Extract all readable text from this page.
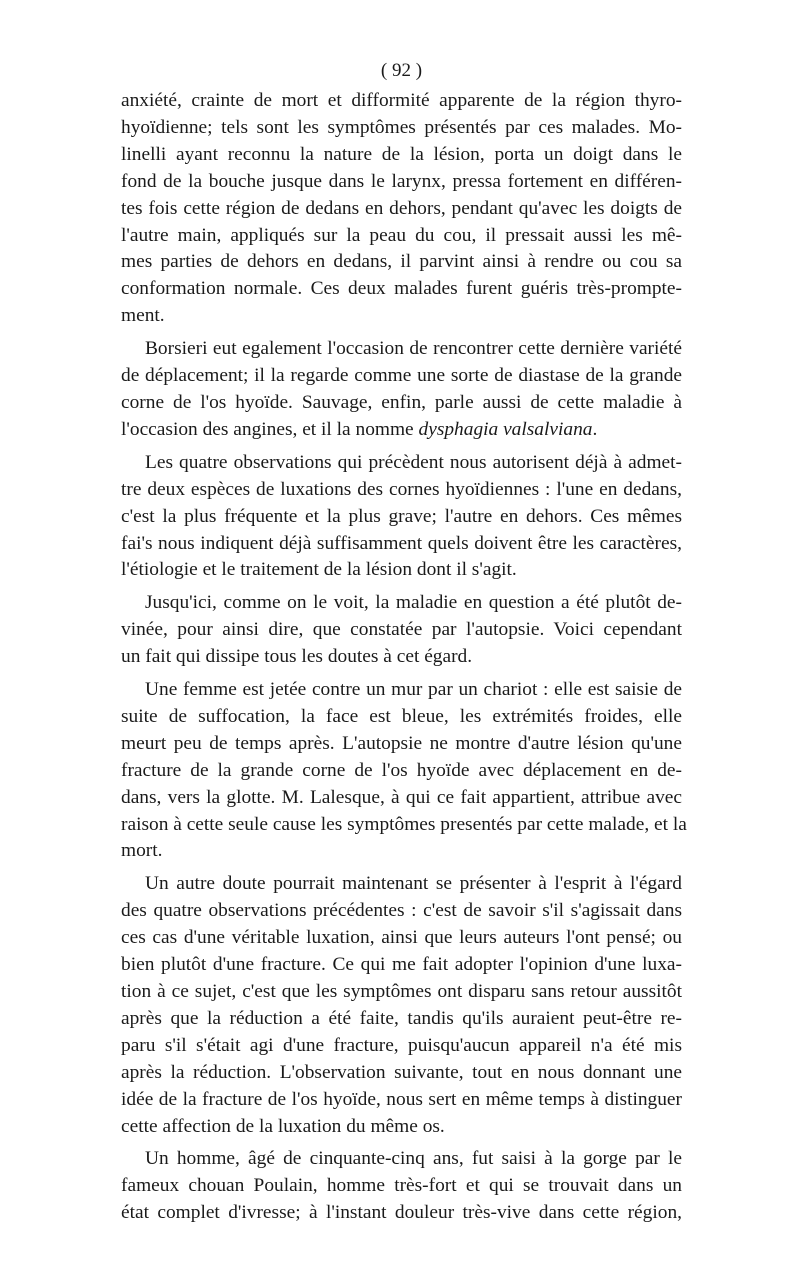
( 92 )
anxiété, crainte de mort et difformité apparente de la région thyro-
hyoïdienne; tels sont les symptômes présentés par ces malades. Mo-
linelli ayant reconnu la nature de la lésion, porta un doigt dans le
fond de la bouche jusque dans le larynx, pressa fortement en différen-
tes fois cette région de dedans en dehors, pendant qu'avec les doigts de
l'autre main, appliqués sur la peau du cou, il pressait aussi les mê-
mes parties de dehors en dedans, il parvint ainsi à rendre ou cou sa
conformation normale. Ces deux malades furent guéris très-prompte-
ment.
Borsieri eut egalement l'occasion de rencontrer cette dernière variété
de déplacement; il la regarde comme une sorte de diastase de la grande
corne de l'os hyoïde. Sauvage, enfin, parle aussi de cette maladie à
l'occasion des angines, et il la nomme dysphagia valsalviana.
Les quatre observations qui précèdent nous autorisent déjà à admet-
tre deux espèces de luxations des cornes hyoïdiennes : l'une en dedans,
c'est la plus fréquente et la plus grave; l'autre en dehors. Ces mêmes
fai's nous indiquent déjà suffisamment quels doivent être les caractères,
l'étiologie et le traitement de la lésion dont il s'agit.
Jusqu'ici, comme on le voit, la maladie en question a été plutôt de-
vinée, pour ainsi dire, que constatée par l'autopsie. Voici cependant
un fait qui dissipe tous les doutes à cet égard.
Une femme est jetée contre un mur par un chariot : elle est saisie de
suite de suffocation, la face est bleue, les extrémités froides, elle
meurt peu de temps après. L'autopsie ne montre d'autre lésion qu'une
fracture de la grande corne de l'os hyoïde avec déplacement en de-
dans, vers la glotte. M. Lalesque, à qui ce fait appartient, attribue avec
raison à cette seule cause les symptômes presentés par cette malade, et la
mort.
Un autre doute pourrait maintenant se présenter à l'esprit à l'égard
des quatre observations précédentes : c'est de savoir s'il s'agissait dans
ces cas d'une véritable luxation, ainsi que leurs auteurs l'ont pensé; ou
bien plutôt d'une fracture. Ce qui me fait adopter l'opinion d'une luxa-
tion à ce sujet, c'est que les symptômes ont disparu sans retour aussitôt
après que la réduction a été faite, tandis qu'ils auraient peut-être re-
paru s'il s'était agi d'une fracture, puisqu'aucun appareil n'a été mis
après la réduction. L'observation suivante, tout en nous donnant une
idée de la fracture de l'os hyoïde, nous sert en même temps à distinguer
cette affection de la luxation du même os.
Un homme, âgé de cinquante-cinq ans, fut saisi à la gorge par le
fameux chouan Poulain, homme très-fort et qui se trouvait dans un
état complet d'ivresse; à l'instant douleur très-vive dans cette région,
